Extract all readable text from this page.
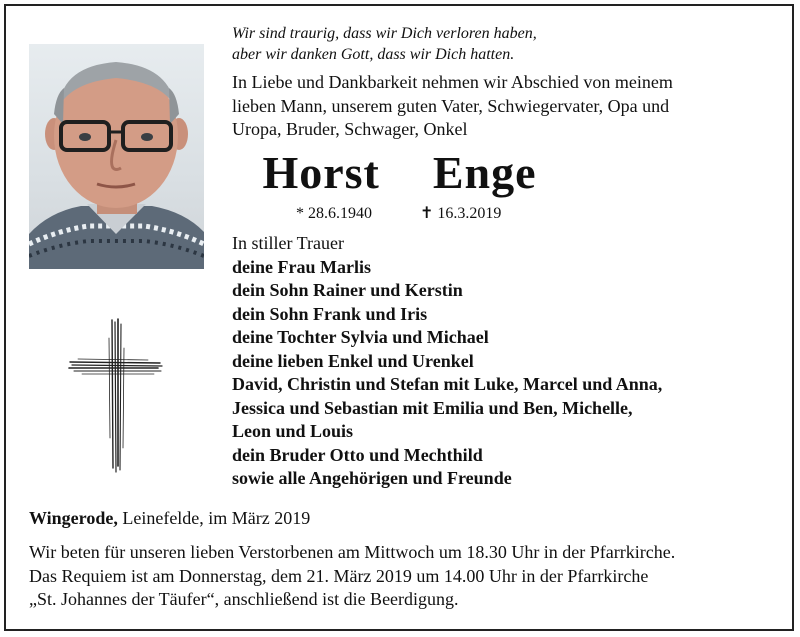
Wir sind traurig, dass wir Dich verloren haben,
aber wir danken Gott, dass wir Dich hatten.
In Liebe und Dankbarkeit nehmen wir Abschied von meinem
lieben Mann, unserem guten Vater, Schwiegervater, Opa und
Uropa, Bruder, Schwager, Onkel
Horst  Enge
* 28.6.1940	✝ 16.3.2019
In stiller Trauer
deine Frau Marlis
dein Sohn Rainer und Kerstin
dein Sohn Frank und Iris
deine Tochter Sylvia und Michael
deine lieben Enkel und Urenkel
David, Christin und Stefan mit Luke, Marcel und Anna,
Jessica und Sebastian mit Emilia und Ben, Michelle,
Leon und Louis
dein Bruder Otto und Mechthild
sowie alle Angehörigen und Freunde
Wingerode, Leinefelde, im März 2019
Wir beten für unseren lieben Verstorbenen am Mittwoch um 18.30 Uhr in der Pfarrkirche.
Das Requiem ist am Donnerstag, dem 21. März 2019 um 14.00 Uhr in der Pfarrkirche
„St. Johannes der Täufer“, anschließend ist die Beerdigung.
